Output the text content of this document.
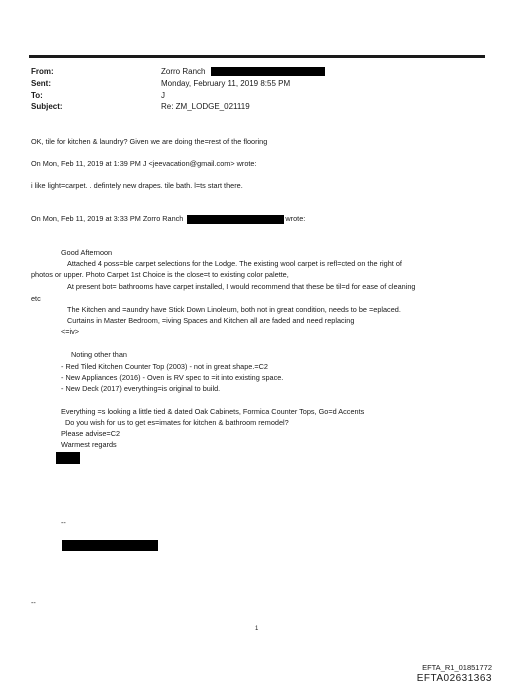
From:	Zorro Ranch
Sent:	Monday, February 11, 2019 8:55 PM
To:	J
Subject:	Re: ZM_LODGE_021119
OK, tile for kitchen & laundry? Given we are doing the=rest of the flooring
On Mon, Feb 11, 2019 at 1:39 PM J <jeevacation@gmail.com> wrote:
i like light=carpet. . defintely new drapes. tile bath. l=ts start there.
On Mon, Feb 11, 2019 at 3:33 PM Zorro Ranch	wrote:
Good Afternoon
Attached 4 poss=ble carpet selections for the Lodge. The existing wool carpet is refl=cted on the right of
photos or upper. Photo Carpet 1st Choice is the close=t to existing color palette,
At present bot= bathrooms have carpet installed, I would recommend that these be til=d for ease of cleaning
etc
The Kitchen and =aundry have Stick Down Linoleum, both not in great condition, needs to be =eplaced.
Curtains in Master Bedroom, =iving Spaces and Kitchen all are faded and need replacing
<=iv>
Noting other than
- Red Tiled Kitchen Counter Top (2003) - not in great shape.=C2
- New Appliances (2016) - Oven is RV spec to =it into existing space.
- New Deck (2017) everything=is original to build.
Everything =s looking a little tied & dated Oak Cabinets, Formica Counter Tops, Go=d Accents
Do you wish for us to get es=imates for kitchen & bathroom remodel?
Please advise=C2
Warmest regards
--
--
1
EFTA_R1_01851772
EFTA02631363
